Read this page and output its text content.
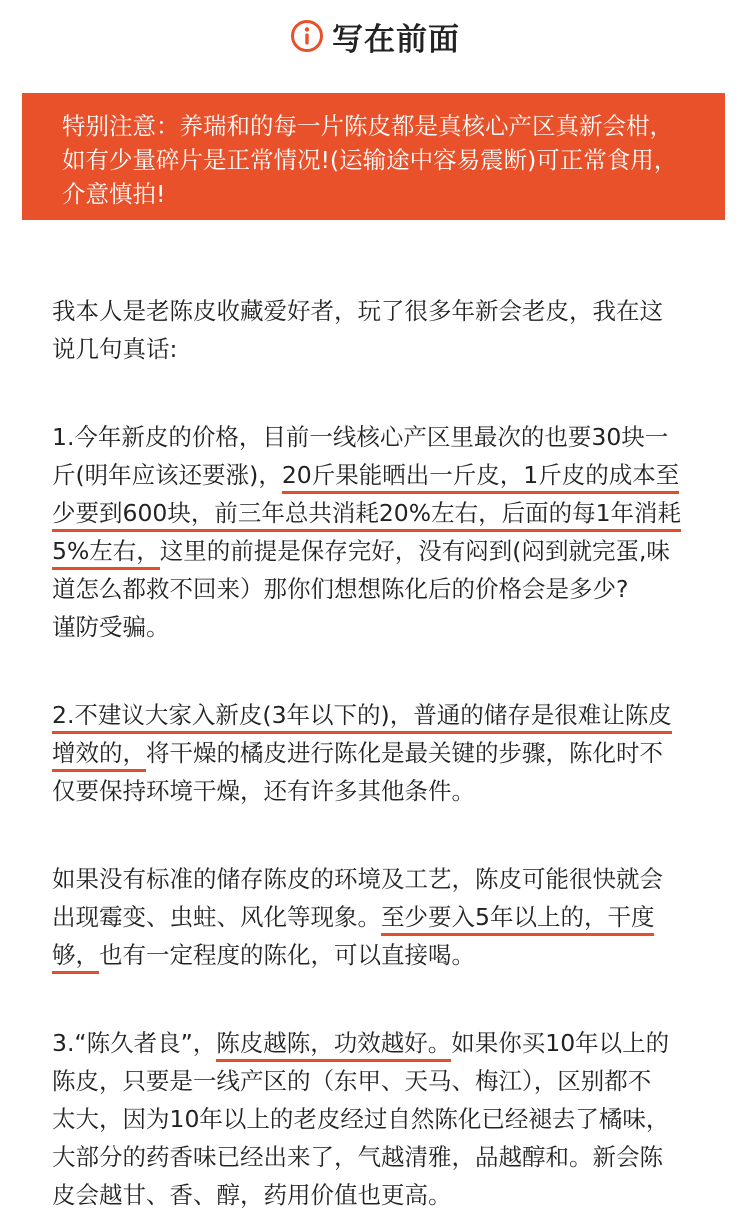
写在前面
特别注意：养瑞和的每一片陈皮都是真核心产区真新会柑，
如有少量碎片是正常情况!(运输途中容易震断)可正常食用，
介意慎拍!
我本人是老陈皮收藏爱好者，玩了很多年新会老皮，我在这
说几句真话:
1.今年新皮的价格，目前一线核心产区里最次的也要30块一
斤(明年应该还要涨)，20斤果能晒出一斤皮，1斤皮的成本至
少要到600块，前三年总共消耗20%左右，后面的每1年消耗
5%左右，这里的前提是保存完好，没有闷到(闷到就完蛋,味
道怎么都救不回来）那你们想想陈化后的价格会是多少?
谨防受骗。
2.不建议大家入新皮(3年以下的)，普通的储存是很难让陈皮
增效的，将干燥的橘皮进行陈化是最关键的步骤，陈化时不
仅要保持环境干燥，还有许多其他条件。
如果没有标准的储存陈皮的环境及工艺，陈皮可能很快就会
出现霉变、虫蛀、风化等现象。至少要入5年以上的，干度
够，也有一定程度的陈化，可以直接喝。
3.“陈久者良”，陈皮越陈，功效越好。如果你买10年以上的
陈皮，只要是一线产区的（东甲、天马、梅江），区别都不
太大，因为10年以上的老皮经过自然陈化已经褪去了橘味，
大部分的药香味已经出来了，气越清雅，品越醇和。新会陈
皮会越甘、香、醇，药用价值也更高。
